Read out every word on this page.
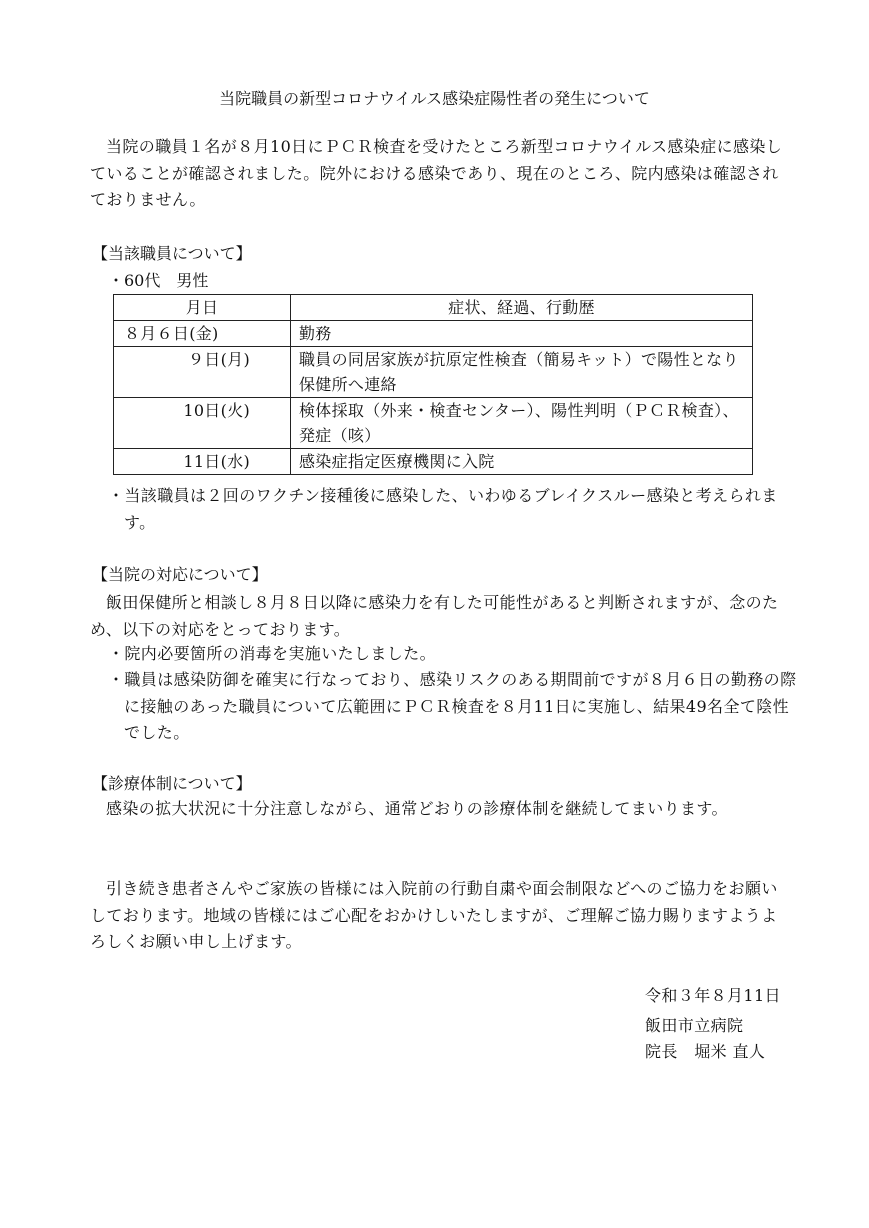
当院職員の新型コロナウイルス感染症陽性者の発生について

当院の職員１名が８月10日にＰＣＲ検査を受けたところ新型コロナウイルス感染症に感染していることが確認されました。院外における感染であり、現在のところ、院内感染は確認されておりません。

【当該職員について】
・60代　男性
月日	症状、経過、行動歴
８月６日(金)	勤務
９日(月)	職員の同居家族が抗原定性検査（簡易キット）で陽性となり保健所へ連絡
10日(火)	検体採取（外来・検査センター）、陽性判明（ＰＣＲ検査）、発症（咳）
11日(水)	感染症指定医療機関に入院

・当該職員は２回のワクチン接種後に感染した、いわゆるブレイクスルー感染と考えられます。

【当院の対応について】

飯田保健所と相談し８月８日以降に感染力を有した可能性があると判断されますが、念のため、以下の対応をとっております。

・院内必要箇所の消毒を実施いたしました。

・職員は感染防御を確実に行なっており、感染リスクのある期間前ですが８月６日の勤務の際に接触のあった職員について広範囲にＰＣＲ検査を８月11日に実施し、結果49名全て陰性でした。

【診療体制について】

感染の拡大状況に十分注意しながら、通常どおりの診療体制を継続してまいります。

引き続き患者さんやご家族の皆様には入院前の行動自粛や面会制限などへのご協力をお願いしております。地域の皆様にはご心配をおかけしいたしますが、ご理解ご協力賜りますようよろしくお願い申し上げます。

令和３年８月11日
飯田市立病院
院長　堀米 直人
